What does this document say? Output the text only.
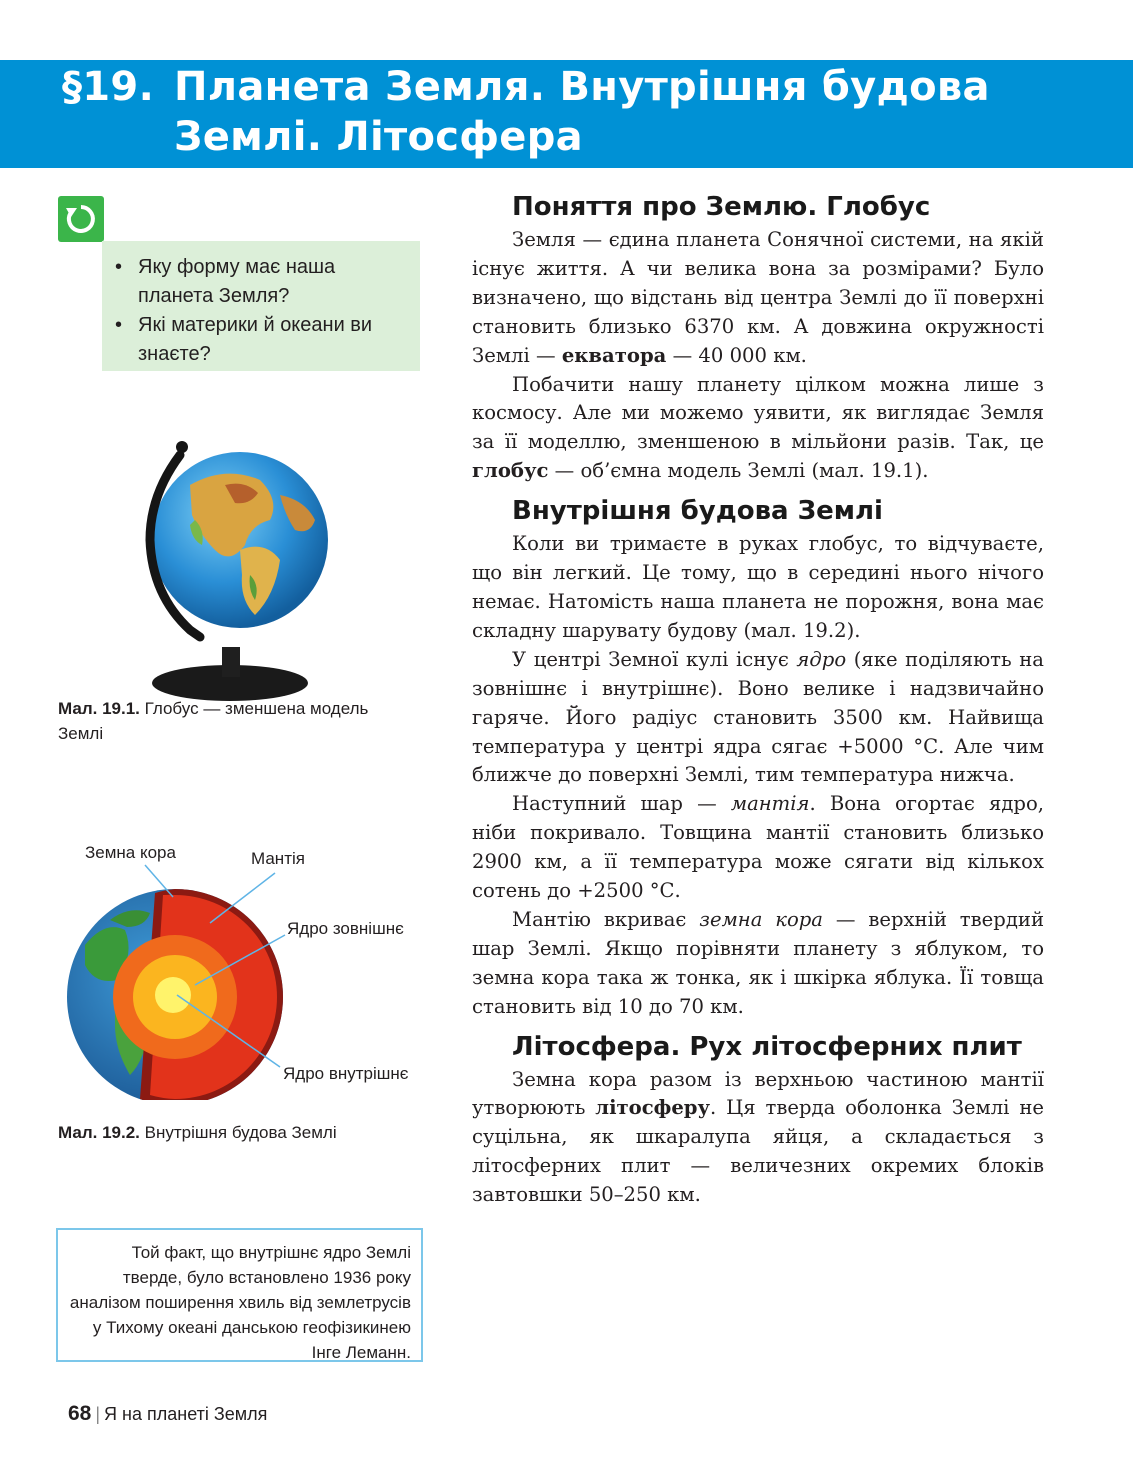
§19. Планета Земля. Внутрішня будова
Землі. Літосфера
• Яку форму має наша планета Земля?
• Які материки й океани ви знаєте?
Мал. 19.1. Глобус — зменшена модель Землі
Земна кора	Мантія
Ядро зовнішнє
Ядро внутрішнє
Мал. 19.2. Внутрішня будова Землі
Той факт, що внутрішнє ядро Землі тверде, було встановлено 1936 року аналізом поширення хвиль від землетрусів у Тихому океані данською геофізикинею Інге Леманн.
68 | Я на планеті Земля
Поняття про Землю. Глобус

Земля — єдина планета Сонячної системи, на якій існує життя. А чи велика вона за розмірами? Було визначено, що відстань від центра Землі до її поверхні становить близько 6370 км. А довжина окружності Землі — екватора — 40 000 км.

Побачити нашу планету цілком можна лише з космосу. Але ми можемо уявити, як виглядає Земля за її моделлю, зменшеною в мільйони разів. Так, це глобус — об’ємна модель Землі (мал. 19.1).

Внутрішня будова Землі

Коли ви тримаєте в руках глобус, то відчуваєте, що він легкий. Це тому, що в середині нього нічого немає. Натомість наша планета не порожня, вона має складну шарувату будову (мал. 19.2).

У центрі Земної кулі існує ядро (яке поділяють на зовнішнє і внутрішнє). Воно велике і надзвичайно гаряче. Його радіус становить 3500 км. Найвища температура у центрі ядра сягає +5000 °С. Але чим ближче до поверхні Землі, тим температура нижча.

Наступний шар — мантія. Вона огортає ядро, ніби покривало. Товщина мантії становить близько 2900 км, а її температура може сягати від кількох сотень до +2500 °С.

Мантію вкриває земна кора — верхній твердий шар Землі. Якщо порівняти планету з яблуком, то земна кора така ж тонка, як і шкірка яблука. Її товща становить від 10 до 70 км.

Літосфера. Рух літосферних плит

Земна кора разом із верхньою частиною мантії утворюють літосферу. Ця тверда оболонка Землі не суцільна, як шкаралупа яйця, а складається з літосферних плит — величезних окремих блоків завтовшки 50–250 км.
